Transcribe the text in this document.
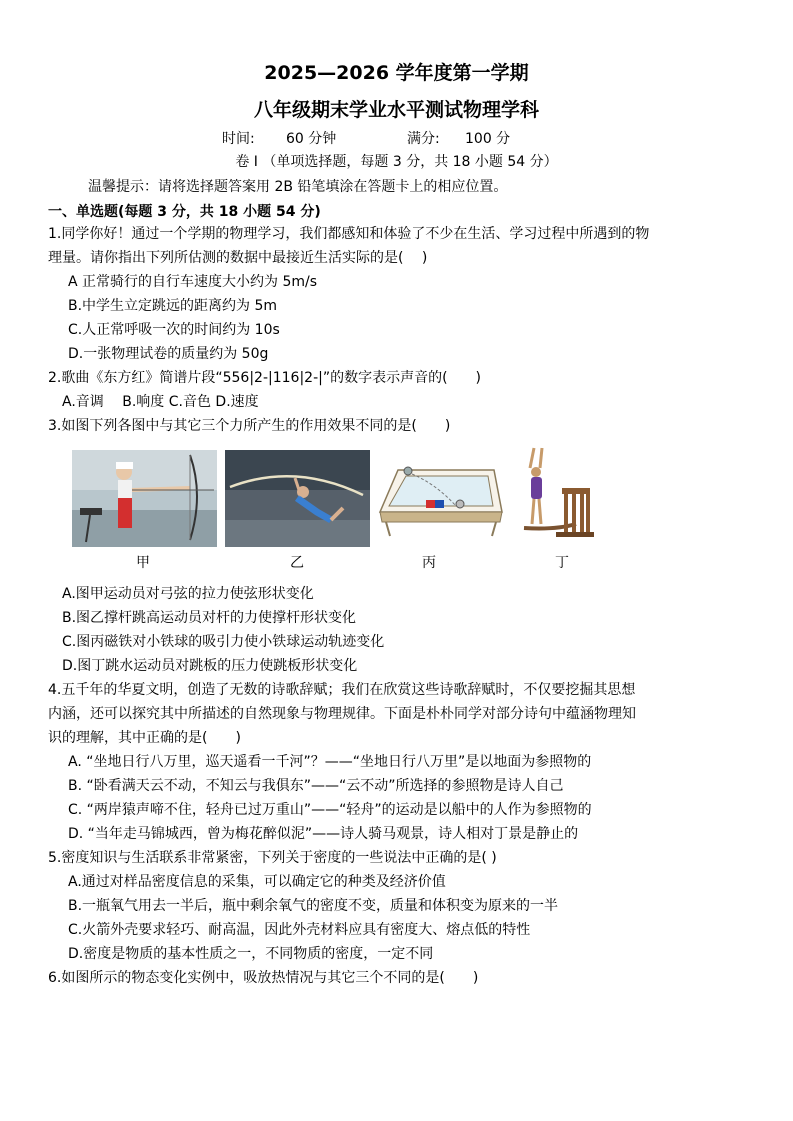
2025—2026 学年度第一学期
八年级期末学业水平测试物理学科
时间: 60 分钟	满分: 100 分
卷 I （单项选择题，每题 3 分，共 18 小题 54 分）
温馨提示：请将选择题答案用 2B 铅笔填涂在答题卡上的相应位置。
一、单选题(每题 3 分，共 18 小题 54 分)
1.同学你好！通过一个学期的物理学习，我们都感知和体验了不少在生活、学习过程中所遇到的物
理量。请你指出下列所估测的数据中最接近生活实际的是(　 )
A 正常骑行的自行车速度大小约为 5m/s
B.中学生立定跳远的距离约为 5m
C.人正常呼吸一次的时间约为 10s
D.一张物理试卷的质量约为 50g
2.歌曲《东方红》简谱片段“556|2-|116|2-|”的数字表示声音的(　　)
A.音调　 B.响度 C.音色 D.速度
3.如图下列各图中与其它三个力所产生的作用效果不同的是(　　)
甲	乙	丙	丁
A.图甲运动员对弓弦的拉力使弦形状变化
B.图乙撑杆跳高运动员对杆的力使撑杆形状变化
C.图丙磁铁对小铁球的吸引力使小铁球运动轨迹变化
D.图丁跳水运动员对跳板的压力使跳板形状变化
4.五千年的华夏文明，创造了无数的诗歌辞赋；我们在欣赏这些诗歌辞赋时，不仅要挖掘其思想
内涵，还可以探究其中所描述的自然现象与物理规律。下面是朴朴同学对部分诗句中蕴涵物理知
识的理解，其中正确的是(　　)
A. “坐地日行八万里，巡天遥看一千河”？——“坐地日行八万里”是以地面为参照物的
B. “卧看满天云不动，不知云与我俱东”——“云不动”所选择的参照物是诗人自己
C. “两岸猿声啼不住，轻舟已过万重山”——“轻舟”的运动是以船中的人作为参照物的
D. “当年走马锦城西，曾为梅花醉似泥”——诗人骑马观景，诗人相对丁景是静止的
5.密度知识与生活联系非常紧密，下列关于密度的一些说法中正确的是( )
A.通过对样品密度信息的采集，可以确定它的种类及经济价值
B.一瓶氧气用去一半后，瓶中剩余氧气的密度不变，质量和体积变为原来的一半
C.火箭外壳要求轻巧、耐高温，因此外壳材料应具有密度大、熔点低的特性
D.密度是物质的基本性质之一，不同物质的密度，一定不同
6.如图所示的物态变化实例中，吸放热情况与其它三个不同的是(　　)
